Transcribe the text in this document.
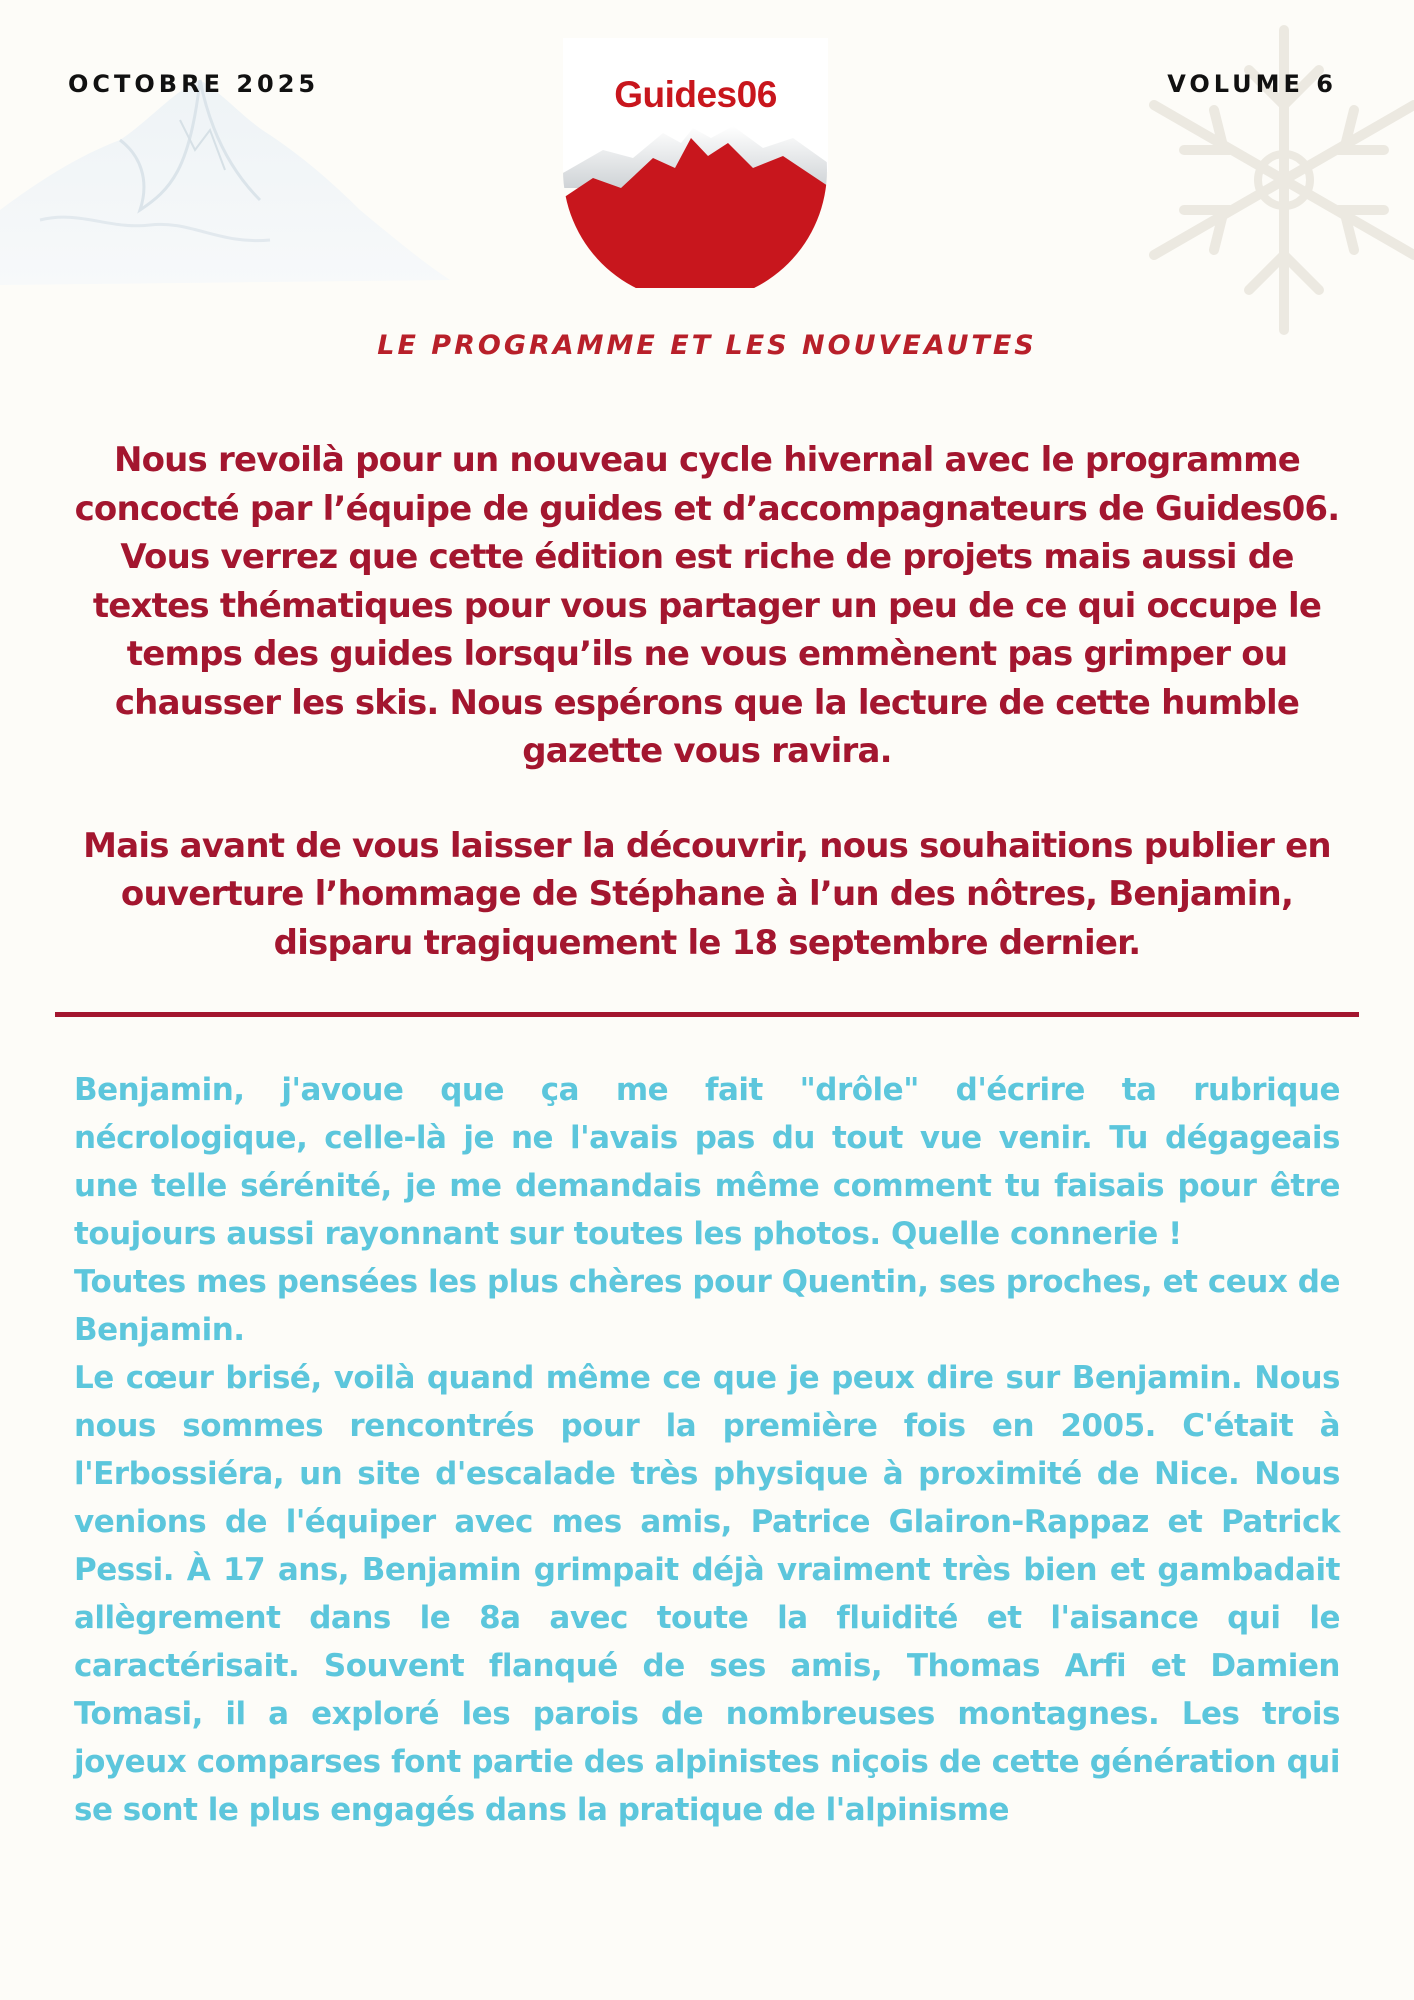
OCTOBRE 2025	VOLUME 6
Guides06
LE PROGRAMME ET LES NOUVEAUTES

Nous revoilà pour un nouveau cycle hivernal avec le programme concocté par l’équipe de guides et d’accompagnateurs de Guides06. Vous verrez que cette édition est riche de projets mais aussi de textes thématiques pour vous partager un peu de ce qui occupe le temps des guides lorsqu’ils ne vous emmènent pas grimper ou chausser les skis. Nous espérons que la lecture de cette humble gazette vous ravira.

Mais avant de vous laisser la découvrir, nous souhaitions publier en ouverture l’hommage de Stéphane à l’un des nôtres, Benjamin, disparu tragiquement le 18 septembre dernier.

Benjamin, j'avoue que ça me fait "drôle" d'écrire ta rubrique nécrologique, celle-là je ne l'avais pas du tout vue venir. Tu dégageais une telle sérénité, je me demandais même comment tu faisais pour être toujours aussi rayonnant sur toutes les photos. Quelle connerie !

Toutes mes pensées les plus chères pour Quentin, ses proches, et ceux de Benjamin.

Le cœur brisé, voilà quand même ce que je peux dire sur Benjamin. Nous nous sommes rencontrés pour la première fois en 2005. C'était à l'Erbossiéra, un site d'escalade très physique à proximité de Nice. Nous venions de l'équiper avec mes amis, Patrice Glairon-Rappaz et Patrick Pessi. À 17 ans, Benjamin grimpait déjà vraiment très bien et gambadait allègrement dans le 8a avec toute la fluidité et l'aisance qui le caractérisait. Souvent flanqué de ses amis, Thomas Arfi et Damien Tomasi, il a exploré les parois de nombreuses montagnes. Les trois joyeux comparses font partie des alpinistes niçois de cette génération qui se sont le plus engagés dans la pratique de l'alpinisme
